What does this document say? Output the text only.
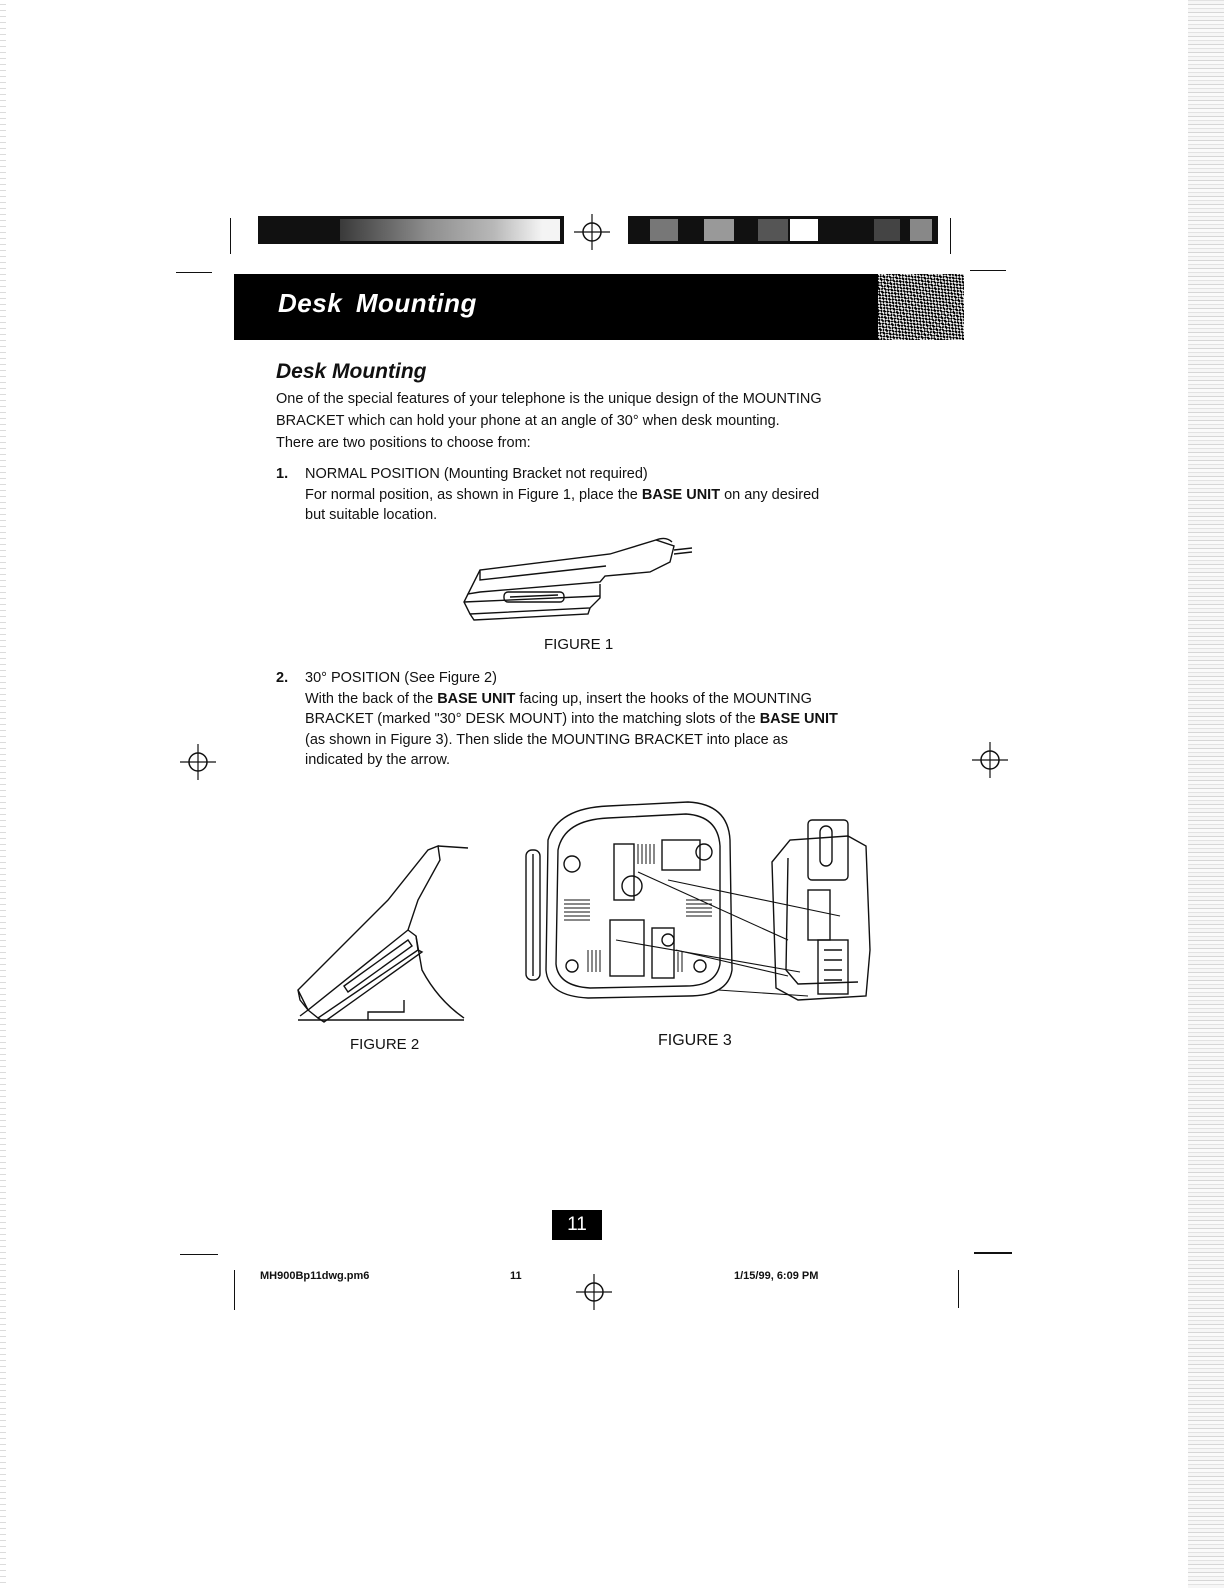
Desk Mounting
Desk Mounting
One of the special features of your telephone is the unique design of the MOUNTING
BRACKET which can hold your phone at an angle of 30° when desk mounting.
There are two positions to choose from:
1. NORMAL POSITION (Mounting Bracket not required)
For normal position, as shown in Figure 1, place the BASE UNIT on any desired
but suitable location.
FIGURE 1
2. 30° POSITION (See Figure 2)
With the back of the BASE UNIT facing up, insert the hooks of the MOUNTING
BRACKET (marked "30° DESK MOUNT) into the matching slots of the BASE UNIT
(as shown in Figure 3). Then slide the MOUNTING BRACKET into place as
indicated by the arrow.
FIGURE 2	FIGURE 3
11
MH900Bp11dwg.pm6	11	1/15/99, 6:09 PM
